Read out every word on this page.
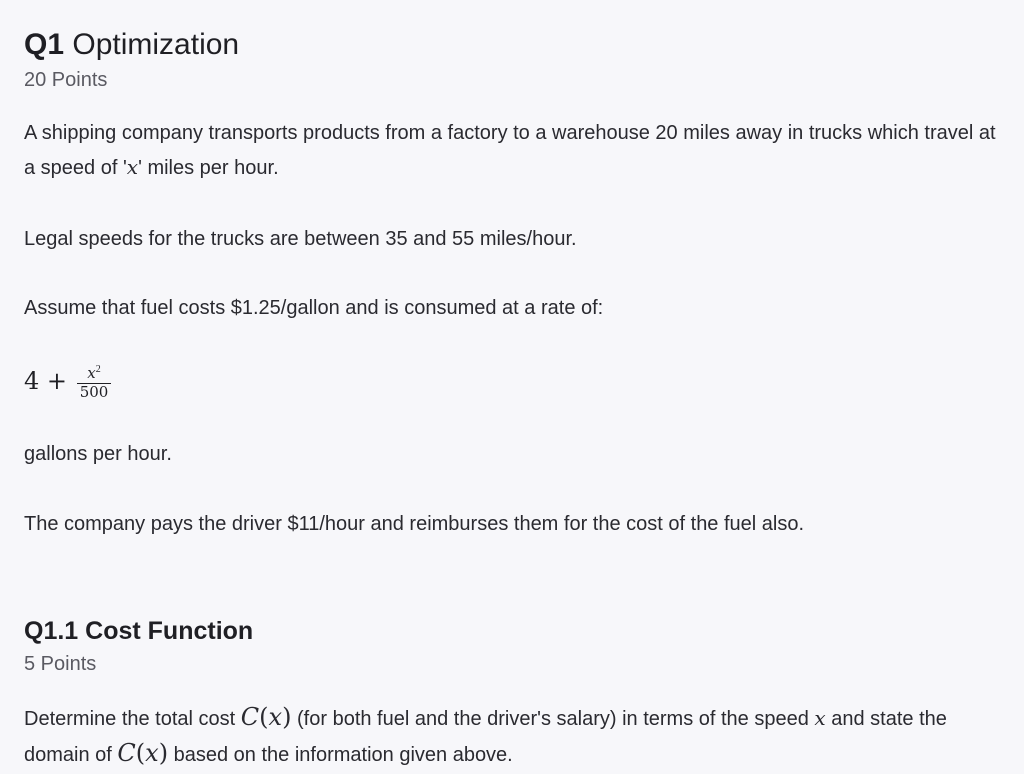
Q1 Optimization
20 Points

A shipping company transports products from a factory to a warehouse 20 miles away in trucks which travel at a speed of 'x' miles per hour.

Legal speeds for the trucks are between 35 and 55 miles/hour.

Assume that fuel costs $1.25/gallon and is consumed at a rate of:

$4 + \frac{x^2}{500}$

gallons per hour.

The company pays the driver $11/hour and reimburses them for the cost of the fuel also.

Q1.1 Cost Function
5 Points

Determine the total cost C(x) (for both fuel and the driver's salary) in terms of the speed x and state the domain of C(x) based on the information given above.
